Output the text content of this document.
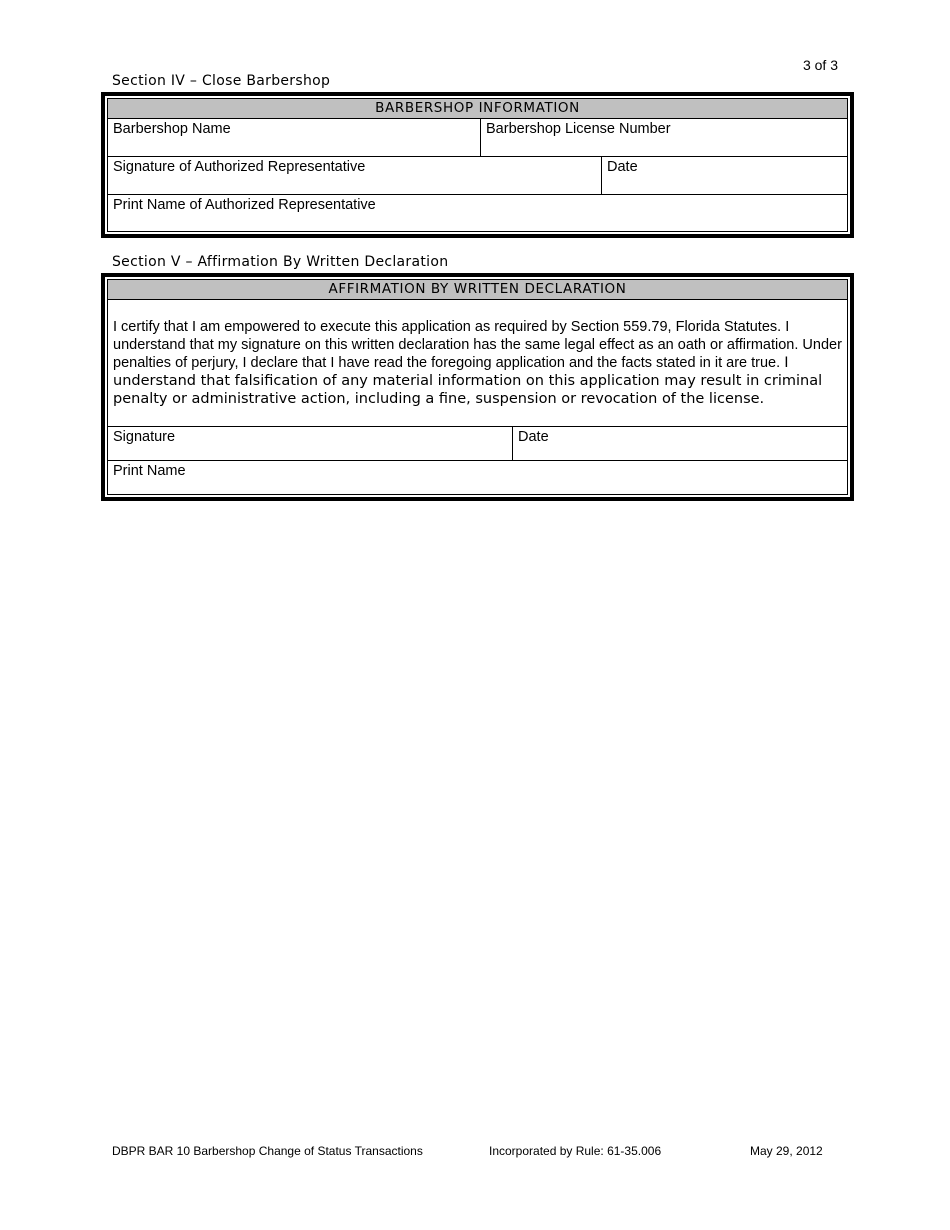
3 of 3
Section IV – Close Barbershop
BARBERSHOP INFORMATION
Barbershop Name	Barbershop License Number
Signature of Authorized Representative	Date
Print Name of Authorized Representative
Section V – Affirmation By Written Declaration
AFFIRMATION BY WRITTEN DECLARATION
I certify that I am empowered to execute this application as required by Section 559.79, Florida Statutes. I understand that my signature on this written declaration has the same legal effect as an oath or affirmation. Under penalties of perjury, I declare that I have read the foregoing application and the facts stated in it are true. I understand that falsification of any material information on this application may result in criminal penalty or administrative action, including a fine, suspension or revocation of the license.
Signature	Date
Print Name
DBPR BAR 10 Barbershop Change of Status Transactions	Incorporated by Rule: 61-35.006	May 29, 2012
